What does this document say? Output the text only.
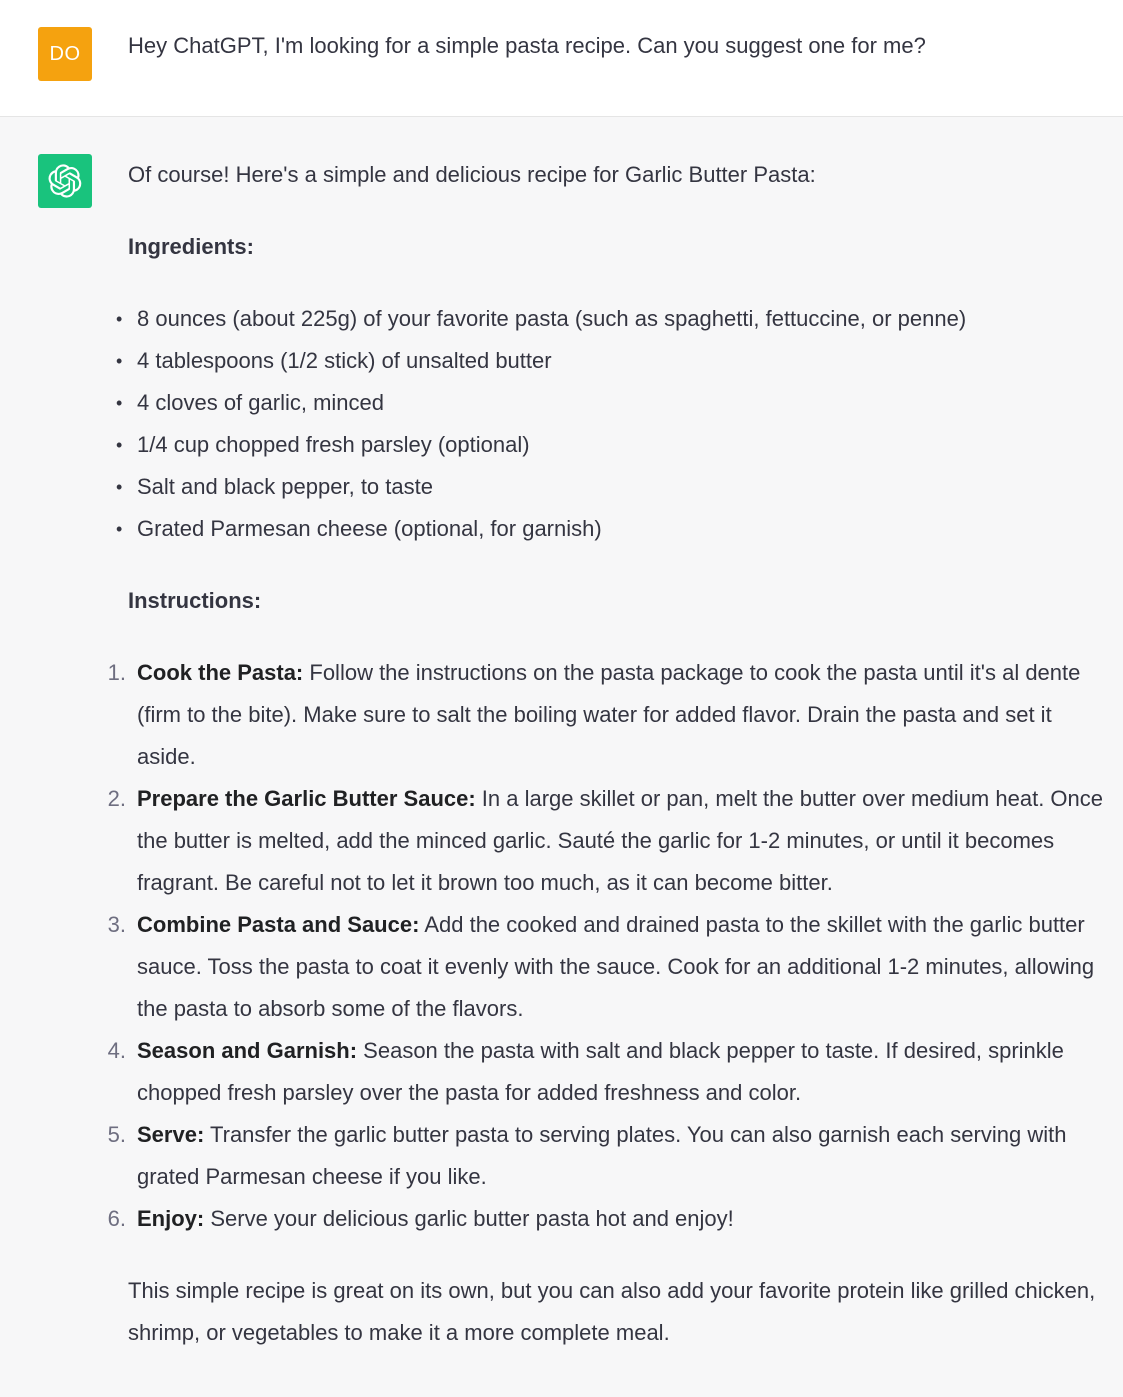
DO Hey ChatGPT, I'm looking for a simple pasta recipe. Can you suggest one for me?

Of course! Here's a simple and delicious recipe for Garlic Butter Pasta:

Ingredients:

• 8 ounces (about 225g) of your favorite pasta (such as spaghetti, fettuccine, or penne)
• 4 tablespoons (1/2 stick) of unsalted butter
• 4 cloves of garlic, minced
• 1/4 cup chopped fresh parsley (optional)
• Salt and black pepper, to taste
• Grated Parmesan cheese (optional, for garnish)

Instructions:

1. Cook the Pasta: Follow the instructions on the pasta package to cook the pasta until it's al dente (firm to the bite). Make sure to salt the boiling water for added flavor. Drain the pasta and set it aside.
2. Prepare the Garlic Butter Sauce: In a large skillet or pan, melt the butter over medium heat. Once the butter is melted, add the minced garlic. Sauté the garlic for 1-2 minutes, or until it becomes fragrant. Be careful not to let it brown too much, as it can become bitter.
3. Combine Pasta and Sauce: Add the cooked and drained pasta to the skillet with the garlic butter sauce. Toss the pasta to coat it evenly with the sauce. Cook for an additional 1-2 minutes, allowing the pasta to absorb some of the flavors.
4. Season and Garnish: Season the pasta with salt and black pepper to taste. If desired, sprinkle chopped fresh parsley over the pasta for added freshness and color.
5. Serve: Transfer the garlic butter pasta to serving plates. You can also garnish each serving with grated Parmesan cheese if you like.
6. Enjoy: Serve your delicious garlic butter pasta hot and enjoy!

This simple recipe is great on its own, but you can also add your favorite protein like grilled chicken, shrimp, or vegetables to make it a more complete meal.
